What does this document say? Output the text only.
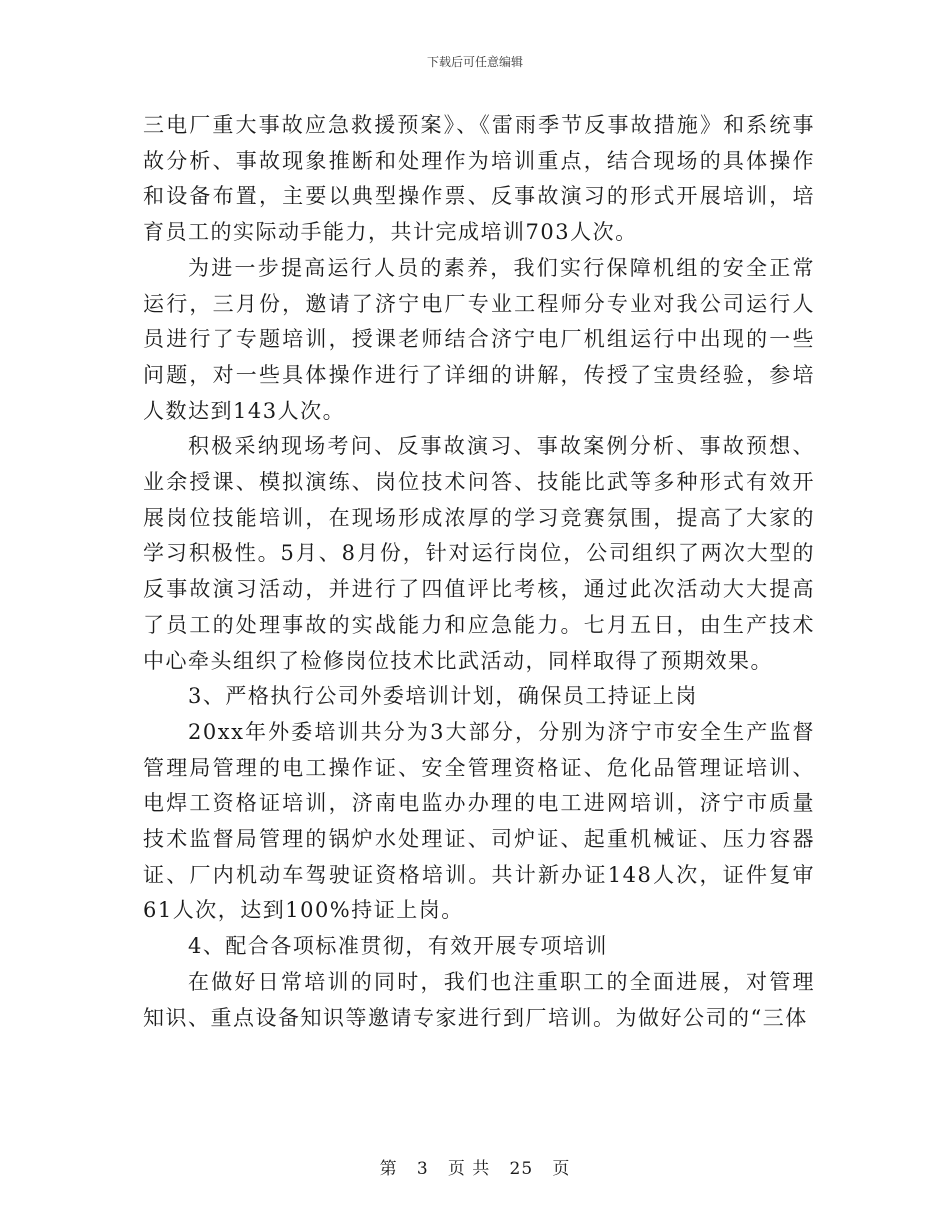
下载后可任意编辑

三电厂重大事故应急救援预案》、《雷雨季节反事故措施》和系统事故分析、事故现象推断和处理作为培训重点，结合现场的具体操作和设备布置，主要以典型操作票、反事故演习的形式开展培训，培育员工的实际动手能力，共计完成培训703人次。

为进一步提高运行人员的素养，我们实行保障机组的安全正常运行，三月份，邀请了济宁电厂专业工程师分专业对我公司运行人员进行了专题培训，授课老师结合济宁电厂机组运行中出现的一些问题，对一些具体操作进行了详细的讲解，传授了宝贵经验，参培人数达到143人次。

积极采纳现场考问、反事故演习、事故案例分析、事故预想、业余授课、模拟演练、岗位技术问答、技能比武等多种形式有效开展岗位技能培训，在现场形成浓厚的学习竞赛氛围，提高了大家的学习积极性。5月、8月份，针对运行岗位，公司组织了两次大型的反事故演习活动，并进行了四值评比考核，通过此次活动大大提高了员工的处理事故的实战能力和应急能力。七月五日，由生产技术中心牵头组织了检修岗位技术比武活动，同样取得了预期效果。

3、严格执行公司外委培训计划，确保员工持证上岗

20xx年外委培训共分为3大部分，分别为济宁市安全生产监督管理局管理的电工操作证、安全管理资格证、危化品管理证培训、电焊工资格证培训，济南电监办办理的电工进网培训，济宁市质量技术监督局管理的锅炉水处理证、司炉证、起重机械证、压力容器证、厂内机动车驾驶证资格培训。共计新办证148人次，证件复审61人次，达到100%持证上岗。

4、配合各项标准贯彻，有效开展专项培训

在做好日常培训的同时，我们也注重职工的全面进展，对管理知识、重点设备知识等邀请专家进行到厂培训。为做好公司的“三体

第 3 页 共 25 页
